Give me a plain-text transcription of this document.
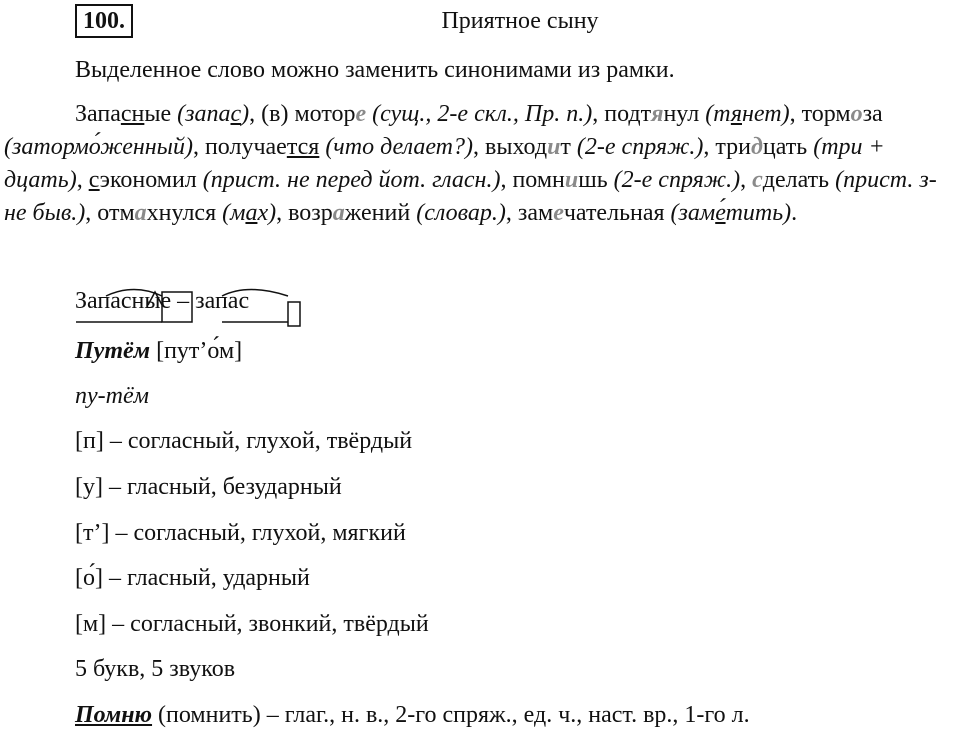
100.	Приятное сыну
Выделенное слово можно заменить синонимами из рамки.
Запасные (запас), (в) моторе (сущ., 2-е скл., Пр. п.), подтянул (тянет), тормоза (затормо́женный), получается (что делает?), выходит (2-е спряж.), тридцать (три + дцать), сэкономил (прист. не перед йот. гласн.), помнишь (2-е спряж.), сделать (прист. з- не быв.), отмахнулся (мах), возражений (словар.), замечательная (заме́тить).
Запасные – запас
Путём [пут’о́м]
пу-тём
[п] – согласный, глухой, твёрдый
[у] – гласный, безударный
[т’] – согласный, глухой, мягкий
[о́] – гласный, ударный
[м] – согласный, звонкий, твёрдый
5 букв, 5 звуков
Помню (помнить) – глаг., н. в., 2-го спряж., ед. ч., наст. вр., 1-го л.
